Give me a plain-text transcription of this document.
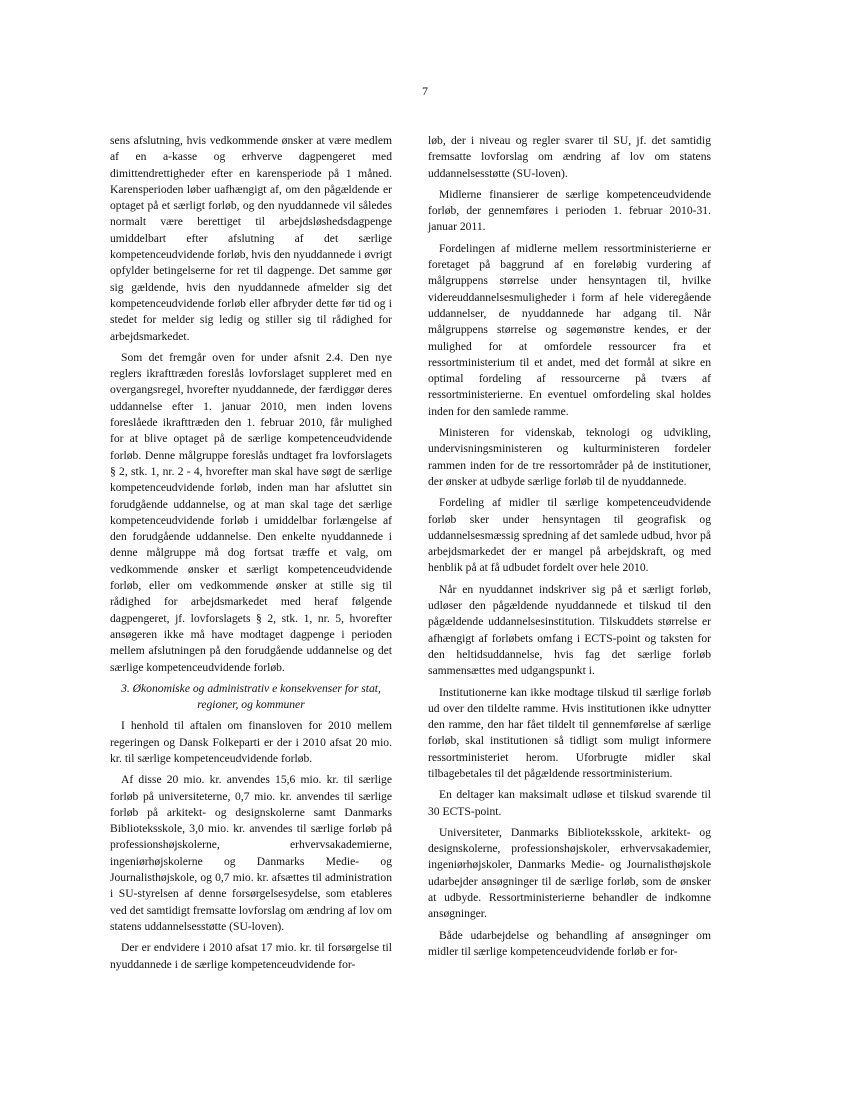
7

sens afslutning, hvis vedkommende ønsker at være medlem af en a-kasse og erhverve dagpengeret med dimittendrettigheder efter en karensperiode på 1 måned. Karensperioden løber uafhængigt af, om den pågældende er optaget på et særligt forløb, og den nyuddannede vil således normalt være berettiget til arbejdsløshedsdagpenge umiddelbart efter afslutning af det særlige kompetenceudvidende forløb, hvis den nyuddannede i øvrigt opfylder betingelserne for ret til dagpenge. Det samme gør sig gældende, hvis den nyuddannede afmelder sig det kompetenceudvidende forløb eller afbryder dette før tid og i stedet for melder sig ledig og stiller sig til rådighed for arbejdsmarkedet.

Som det fremgår oven for under afsnit 2.4. Den nye reglers ikrafttræden foreslås lovforslaget suppleret med en overgangsregel, hvorefter nyuddannede, der færdiggør deres uddannelse efter 1. januar 2010, men inden lovens foreslåede ikrafttræden den 1. februar 2010, får mulighed for at blive optaget på de særlige kompetenceudvidende forløb. Denne målgruppe foreslås undtaget fra lovforslagets § 2, stk. 1, nr. 2 - 4, hvorefter man skal have søgt de særlige kompetenceudvidende forløb, inden man har afsluttet sin forudgående uddannelse, og at man skal tage det særlige kompetenceudvidende forløb i umiddelbar forlængelse af den forudgående uddannelse. Den enkelte nyuddannede i denne målgruppe må dog fortsat træffe et valg, om vedkommende ønsker et særligt kompetenceudvidende forløb, eller om vedkommende ønsker at stille sig til rådighed for arbejdsmarkedet med heraf følgende dagpengeret, jf. lovforslagets § 2, stk. 1, nr. 5, hvorefter ansøgeren ikke må have modtaget dagpenge i perioden mellem afslutningen på den forudgående uddannelse og det særlige kompetenceudvidende forløb.

3. Økonomiske og administrativ e konsekvenser for stat, regioner, og kommuner

I henhold til aftalen om finansloven for 2010 mellem regeringen og Dansk Folkeparti er der i 2010 afsat 20 mio. kr. til særlige kompetenceudvidende forløb.

Af disse 20 mio. kr. anvendes 15,6 mio. kr. til særlige forløb på universiteterne, 0,7 mio. kr. anvendes til særlige forløb på arkitekt- og designskolerne samt Danmarks Biblioteksskole, 3,0 mio. kr. anvendes til særlige forløb på professionshøjskolerne, erhvervsakademierne, ingeniørhøjskolerne og Danmarks Medie- og Journalisthøjskole, og 0,7 mio. kr. afsættes til administration i SU-styrelsen af denne forsørgelsesydelse, som etableres ved det samtidigt fremsatte lovforslag om ændring af lov om statens uddannelsesstøtte (SU-loven).

Der er endvidere i 2010 afsat 17 mio. kr. til forsørgelse til nyuddannede i de særlige kompetenceudvidende for-

løb, der i niveau og regler svarer til SU, jf. det samtidig fremsatte lovforslag om ændring af lov om statens uddannelsesstøtte (SU-loven).

Midlerne finansierer de særlige kompetenceudvidende forløb, der gennemføres i perioden 1. februar 2010-31. januar 2011.

Fordelingen af midlerne mellem ressortministerierne er foretaget på baggrund af en foreløbig vurdering af målgruppens størrelse under hensyntagen til, hvilke videreuddannelsesmuligheder i form af hele videregående uddannelser, de nyuddannede har adgang til. Når målgruppens størrelse og søgemønstre kendes, er der mulighed for at omfordele ressourcer fra et ressortministerium til et andet, med det formål at sikre en optimal fordeling af ressourcerne på tværs af ressortministerierne. En eventuel omfordeling skal holdes inden for den samlede ramme.

Ministeren for videnskab, teknologi og udvikling, undervisningsministeren og kulturministeren fordeler rammen inden for de tre ressortområder på de institutioner, der ønsker at udbyde særlige forløb til de nyuddannede.

Fordeling af midler til særlige kompetenceudvidende forløb sker under hensyntagen til geografisk og uddannelsesmæssig spredning af det samlede udbud, hvor på arbejdsmarkedet der er mangel på arbejdskraft, og med henblik på at få udbudet fordelt over hele 2010.

Når en nyuddannet indskriver sig på et særligt forløb, udløser den pågældende nyuddannede et tilskud til den pågældende uddannelsesinstitution. Tilskuddets størrelse er afhængigt af forløbets omfang i ECTS-point og taksten for den heltidsuddannelse, hvis fag det særlige forløb sammensættes med udgangspunkt i.

Institutionerne kan ikke modtage tilskud til særlige forløb ud over den tildelte ramme. Hvis institutionen ikke udnytter den ramme, den har fået tildelt til gennemførelse af særlige forløb, skal institutionen så tidligt som muligt informere ressortministeriet herom. Uforbrugte midler skal tilbagebetales til det pågældende ressortministerium.

En deltager kan maksimalt udløse et tilskud svarende til 30 ECTS-point.

Universiteter, Danmarks Biblioteksskole, arkitekt- og designskolerne, professionshøjskoler, erhvervsakademier, ingeniørhøjskoler, Danmarks Medie- og Journalisthøjskole udarbejder ansøgninger til de særlige forløb, som de ønsker at udbyde. Ressortministerierne behandler de indkomne ansøgninger.

Både udarbejdelse og behandling af ansøgninger om midler til særlige kompetenceudvidende forløb er for-
